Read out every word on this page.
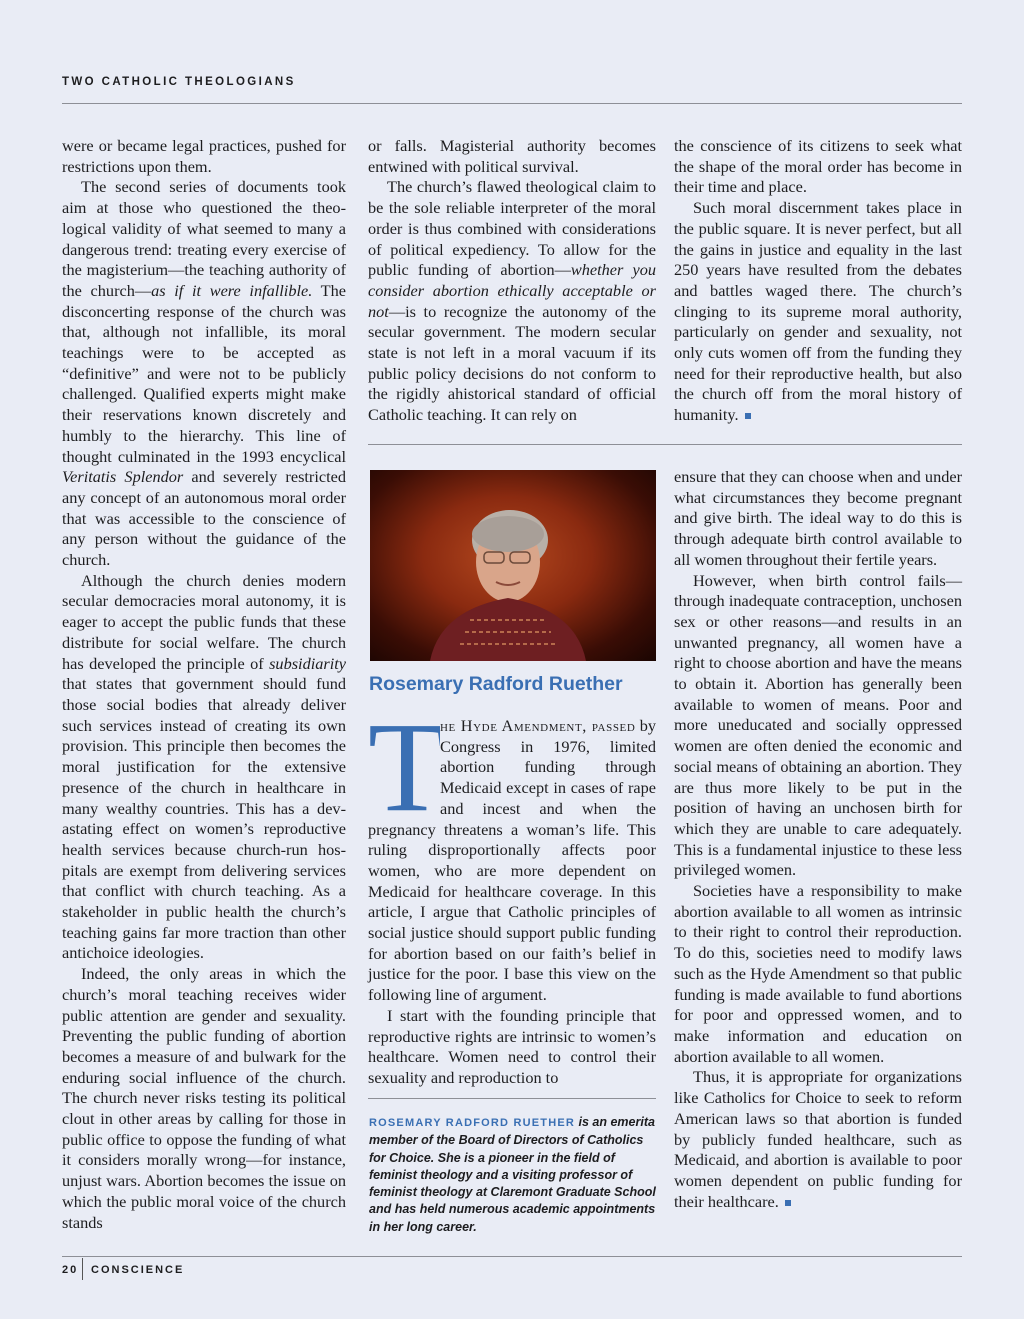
TWO CATHOLIC THEOLOGIANS

were or became legal practices, pushed for restrictions upon them.

The second series of documents took aim at those who questioned the theological validity of what seemed to many a dangerous trend: treating every exercise of the magisterium—the teaching authority of the church—as if it were infallible. The disconcerting response of the church was that, although not infallible, its moral teachings were to be accepted as “definitive” and were not to be publicly challenged. Qualified experts might make their reservations known discretely and humbly to the hierarchy. This line of thought culminated in the 1993 encyclical Veritatis Splendor and severely restricted any concept of an autonomous moral order that was accessible to the conscience of any person without the guidance of the church.

Although the church denies modern secular democracies moral autonomy, it is eager to accept the public funds that these distribute for social welfare. The church has developed the principle of subsidiarity that states that government should fund those social bodies that already deliver such services instead of creating its own provision. This principle then becomes the moral justification for the extensive presence of the church in healthcare in many wealthy countries. This has a devastating effect on women’s reproductive health services because church-run hospitals are exempt from delivering services that conflict with church teaching. As a stakeholder in public health the church’s teaching gains far more traction than other antichoice ideologies.

Indeed, the only areas in which the church’s moral teaching receives wider public attention are gender and sexuality. Preventing the public funding of abortion becomes a measure of and bulwark for the enduring social influence of the church. The church never risks testing its political clout in other areas by calling for those in public office to oppose the funding of what it considers morally wrong—for instance, unjust wars. Abortion becomes the issue on which the public moral voice of the church stands

or falls. Magisterial authority becomes entwined with political survival.

The church’s flawed theological claim to be the sole reliable interpreter of the moral order is thus combined with considerations of political expediency. To allow for the public funding of abortion—whether you consider abortion ethically acceptable or not—is to recognize the autonomy of the secular government. The modern secular state is not left in a moral vacuum if its public policy decisions do not conform to the rigidly ahistorical standard of official Catholic teaching. It can rely on

the conscience of its citizens to seek what the shape of the moral order has become in their time and place.

Such moral discernment takes place in the public square. It is never perfect, but all the gains in justice and equality in the last 250 years have resulted from the debates and battles waged there. The church’s clinging to its supreme moral authority, particularly on gender and sexuality, not only cuts women off from the funding they need for their reproductive health, but also the church off from the moral history of humanity.

Rosemary Radford Ruether
T

he Hyde Amendment, passed by Congress in 1976, limited abortion funding through Medicaid except in cases of rape and incest and when the pregnancy threatens a woman’s life. This ruling disproportionally affects poor women, who are more dependent on Medicaid for healthcare coverage. In this article, I argue that Catholic principles of social justice should support public funding for abortion based on our faith’s belief in justice for the poor. I base this view on the following line of argument.

I start with the founding principle that reproductive rights are intrinsic to women’s healthcare. Women need to control their sexuality and reproduction to

ROSEMARY RADFORD RUETHER is an emerita member of the Board of Directors of Catholics for Choice. She is a pioneer in the field of feminist theology and a visiting professor of feminist theology at Claremont Graduate School and has held numerous academic appointments in her long career.

ensure that they can choose when and under what circumstances they become pregnant and give birth. The ideal way to do this is through adequate birth control available to all women throughout their fertile years.

However, when birth control fails—through inadequate contraception, unchosen sex or other reasons—and results in an unwanted pregnancy, all women have a right to choose abortion and have the means to obtain it. Abortion has generally been available to women of means. Poor and more uneducated and socially oppressed women are often denied the economic and social means of obtaining an abortion. They are thus more likely to be put in the position of having an unchosen birth for which they are unable to care adequately. This is a fundamental injustice to these less privileged women.

Societies have a responsibility to make abortion available to all women as intrinsic to their right to control their reproduction. To do this, societies need to modify laws such as the Hyde Amendment so that public funding is made available to fund abortions for poor and oppressed women, and to make information and education on abortion available to all women.

Thus, it is appropriate for organizations like Catholics for Choice to seek to reform American laws so that abortion is funded by publicly funded healthcare, such as Medicaid, and abortion is available to poor women dependent on public funding for their healthcare.

20 CONSCIENCE
